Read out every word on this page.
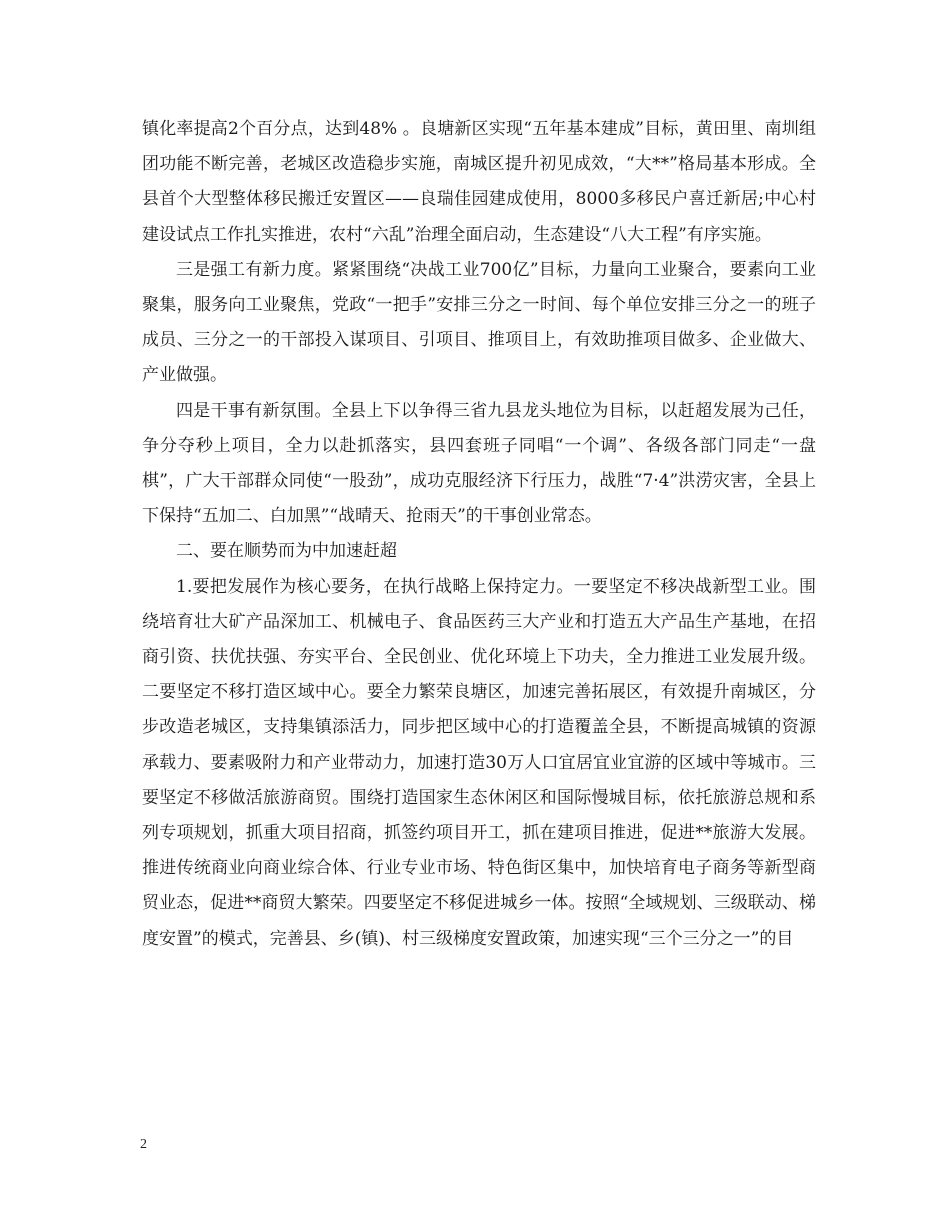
镇化率提高2个百分点，达到48% 。良塘新区实现“五年基本建成”目标，黄田里、南圳组团功能不断完善，老城区改造稳步实施，南城区提升初见成效，“大**”格局基本形成。全县首个大型整体移民搬迁安置区——良瑞佳园建成使用，8000多移民户喜迁新居;中心村建设试点工作扎实推进，农村“六乱”治理全面启动，生态建设“八大工程”有序实施。

三是强工有新力度。紧紧围绕“决战工业700亿”目标，力量向工业聚合，要素向工业聚集，服务向工业聚焦，党政“一把手”安排三分之一时间、每个单位安排三分之一的班子成员、三分之一的干部投入谋项目、引项目、推项目上，有效助推项目做多、企业做大、产业做强。

四是干事有新氛围。全县上下以争得三省九县龙头地位为目标，以赶超发展为己任，争分夺秒上项目，全力以赴抓落实，县四套班子同唱“一个调”、各级各部门同走“一盘棋”，广大干部群众同使“一股劲”，成功克服经济下行压力，战胜“7·4”洪涝灾害，全县上下保持“五加二、白加黑”“战晴天、抢雨天”的干事创业常态。

二、要在顺势而为中加速赶超

1.要把发展作为核心要务，在执行战略上保持定力。一要坚定不移决战新型工业。围绕培育壮大矿产品深加工、机械电子、食品医药三大产业和打造五大产品生产基地，在招商引资、扶优扶强、夯实平台、全民创业、优化环境上下功夫，全力推进工业发展升级。二要坚定不移打造区域中心。要全力繁荣良塘区，加速完善拓展区，有效提升南城区，分步改造老城区，支持集镇添活力，同步把区域中心的打造覆盖全县，不断提高城镇的资源承载力、要素吸附力和产业带动力，加速打造30万人口宜居宜业宜游的区域中等城市。三要坚定不移做活旅游商贸。围绕打造国家生态休闲区和国际慢城目标，依托旅游总规和系列专项规划，抓重大项目招商，抓签约项目开工，抓在建项目推进，促进**旅游大发展。推进传统商业向商业综合体、行业专业市场、特色街区集中，加快培育电子商务等新型商贸业态，促进**商贸大繁荣。四要坚定不移促进城乡一体。按照“全域规划、三级联动、梯度安置”的模式，完善县、乡(镇)、村三级梯度安置政策，加速实现“三个三分之一”的目

2
